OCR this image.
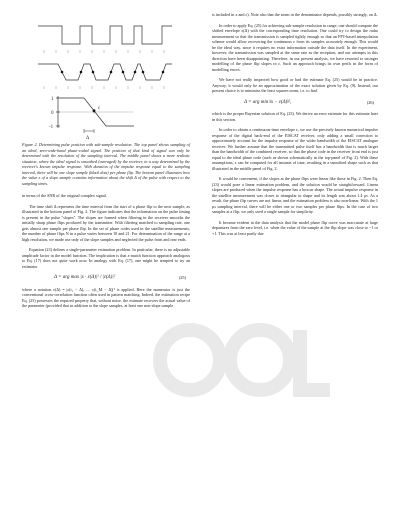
1
0
-1
ε
Δ

Figure 2. Determining pulse position with sub-sample resolution. The top panel shows sampling of an ideal, zero-wide-band phase-coded signal. The position of that kind of signal can only be determined with the resolution of the sampling interval. The middle panel shows a more realistic situation, where the ideal signal is smoothed (averaged) by the receiver, in a way determined by the receiver's known impulse response. With duration of the impulse response equal to the sampling interval, there will be one slope sample (black dots) per phase flip. The bottom panel illustrates how the value ε of a slope sample contains information about the shift Δ of the pulse with respect to the sampling times.

in terms of the SNR of the original complex signal.

The time shift Δ represents the time interval from the start of a phase flip to the next sample, as illustrated in the bottom panel of Fig. 2. The figure indicates that the information on the pulse timing is present in the pulse "slopes". The slopes are formed when filtering in the receiver smooths the initially sharp phase flips produced by the transmitter. With filtering matched to sampling rate, one gets almost one sample per phase flip. In the set of phase codes used in the satellite measurements, the number of phase flips N in a pulse varies between 10 and 21. For determination of the range at a high resolution, we made use only of the slope samples and neglected the pulse front and rear ends.

Equation (23) defines a single-parameter estimation problem. In particular, there is no adjustable amplitude factor in the model function. The implication is that a match function approach analogous to Eq. (17) does not quite work now. In analogy with Eq. (17), one might be tempted to try an estimator

Δ = arg max |x · ε(Δ)|² / |ε(Δ)|²	(25)

where a notation ε(Δ) = |ε(t₁ − Δ), ..., ε(t_M − Δ)|ᵀ is applied. Here the numerator is just the conventional cross-correlation function often used in pattern matching. Indeed, the estimation recipe Eq. (25) possesses the required property that, without noise, the estimate recovers the actual value of the parameter (provided that in addition to the slope samples, at least one non-slope sample

is included in x and ε). Note also that the norm in the denominator depends, possibly strongly, on Δ.

In order to apply Eq. (25) for achieving sub-sample resolution in range, one should compute the shifted envelope ε(Δ) with the corresponding time resolution. One could try to design the radar measurement so that the transmission is sampled tightly enough so that an FFT-based interpolation scheme would allow recovering the continuous ε from its samples accurately enough. This would be the ideal way, since it requires no extra information outside the data itself. In the experiment, however, the transmission was sampled at the same rate as the reception, and our attempts in this direction have been disappointing. Therefore, in our present analysis, we have resorted to stronger modelling of the phase flip slopes in ε. Such an approach brings its own perils in the form of modelling errors.

We have not really inspected how good or bad the estimate Eq. (25) would be in practice. Anyway, it would only be an approximation of the exact solution given by Eq. (9). Instead, our present choice is to minimise the least squares norm, i.e. to find

Δ = arg min ‖x − ε(Δ)‖²,	(26)

which is the proper Bayesian solution of Eq. (23). We derive an error estimate for this estimate later in this section.

In order to obtain a continuous-time envelope ε, we use the precisely known numerical impulse response of the digital back-end of the EISCAT receiver, only adding a small correction to approximately account for the impulse response of the wider bandwidth of the EISCAT analogue receiver. We further assume that the transmitted pulse itself has a bandwidth that is much larger than the bandwidth of the combined receiver, so that the phase code in the receiver front end is just equal to the ideal phase code (such as shown schematically in the top-panel of Fig. 2). With these assumptions, ε can be computed for all instants of time, resulting in a smoothed shape such as that illustrated in the middle panel of Fig. 2.

It would be convenient, if the slopes at the phase flips were linear like those in Fig. 2. Then Eq. (23) would pose a linear estimation problem, and the solution would be straightforward. Linear slopes are produced when the impulse response has a boxcar shape. The actual impulse response in the satellite measurement was closer to triangular in shape and its length was about 1.4 μs. As a result, the phase flip curves are not linear, and the estimation problem is also non-linear. With the 1 μs sampling interval, there will be either one or two samples per phase flips. In the case of two samples at a flip, we only used a single sample for simplicity.

It became evident in the data analysis that the model phase flip curve was inaccurate at large departures from the zero level, i.e. when the value of the sample at the flip slope was close to −1 or +1. This was at least partly due
